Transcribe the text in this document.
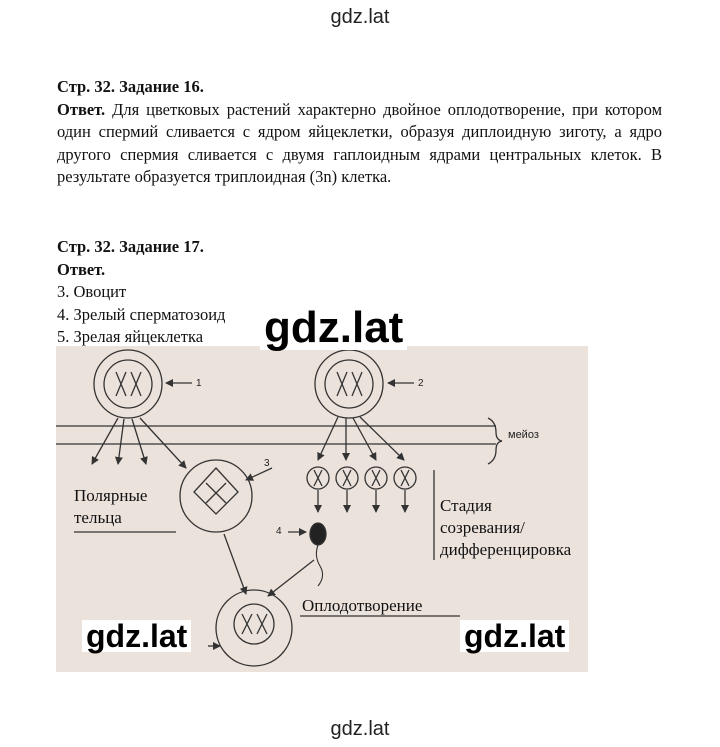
gdz.lat
Стр. 32. Задание 16.
Ответ. Для цветковых растений характерно двойное оплодотворение, при котором один спермий сливается с ядром яйцеклетки, образуя диплоидную зиготу, а ядро другого спермия сливается с двумя гаплоидным ядрами центральных клеток. В результате образуется триплоидная (3n) клетка.
Стр. 32. Задание 17.
Ответ.
3. Овоцит
4. Зрелый сперматозоид
5. Зрелая яйцеклетка
1	2
3
4
мейоз
Полярные
тельца
Стадия
созревания/
дифференцировка
Оплодотворение
gdz.lat
gdz.lat	gdz.lat
gdz.lat
